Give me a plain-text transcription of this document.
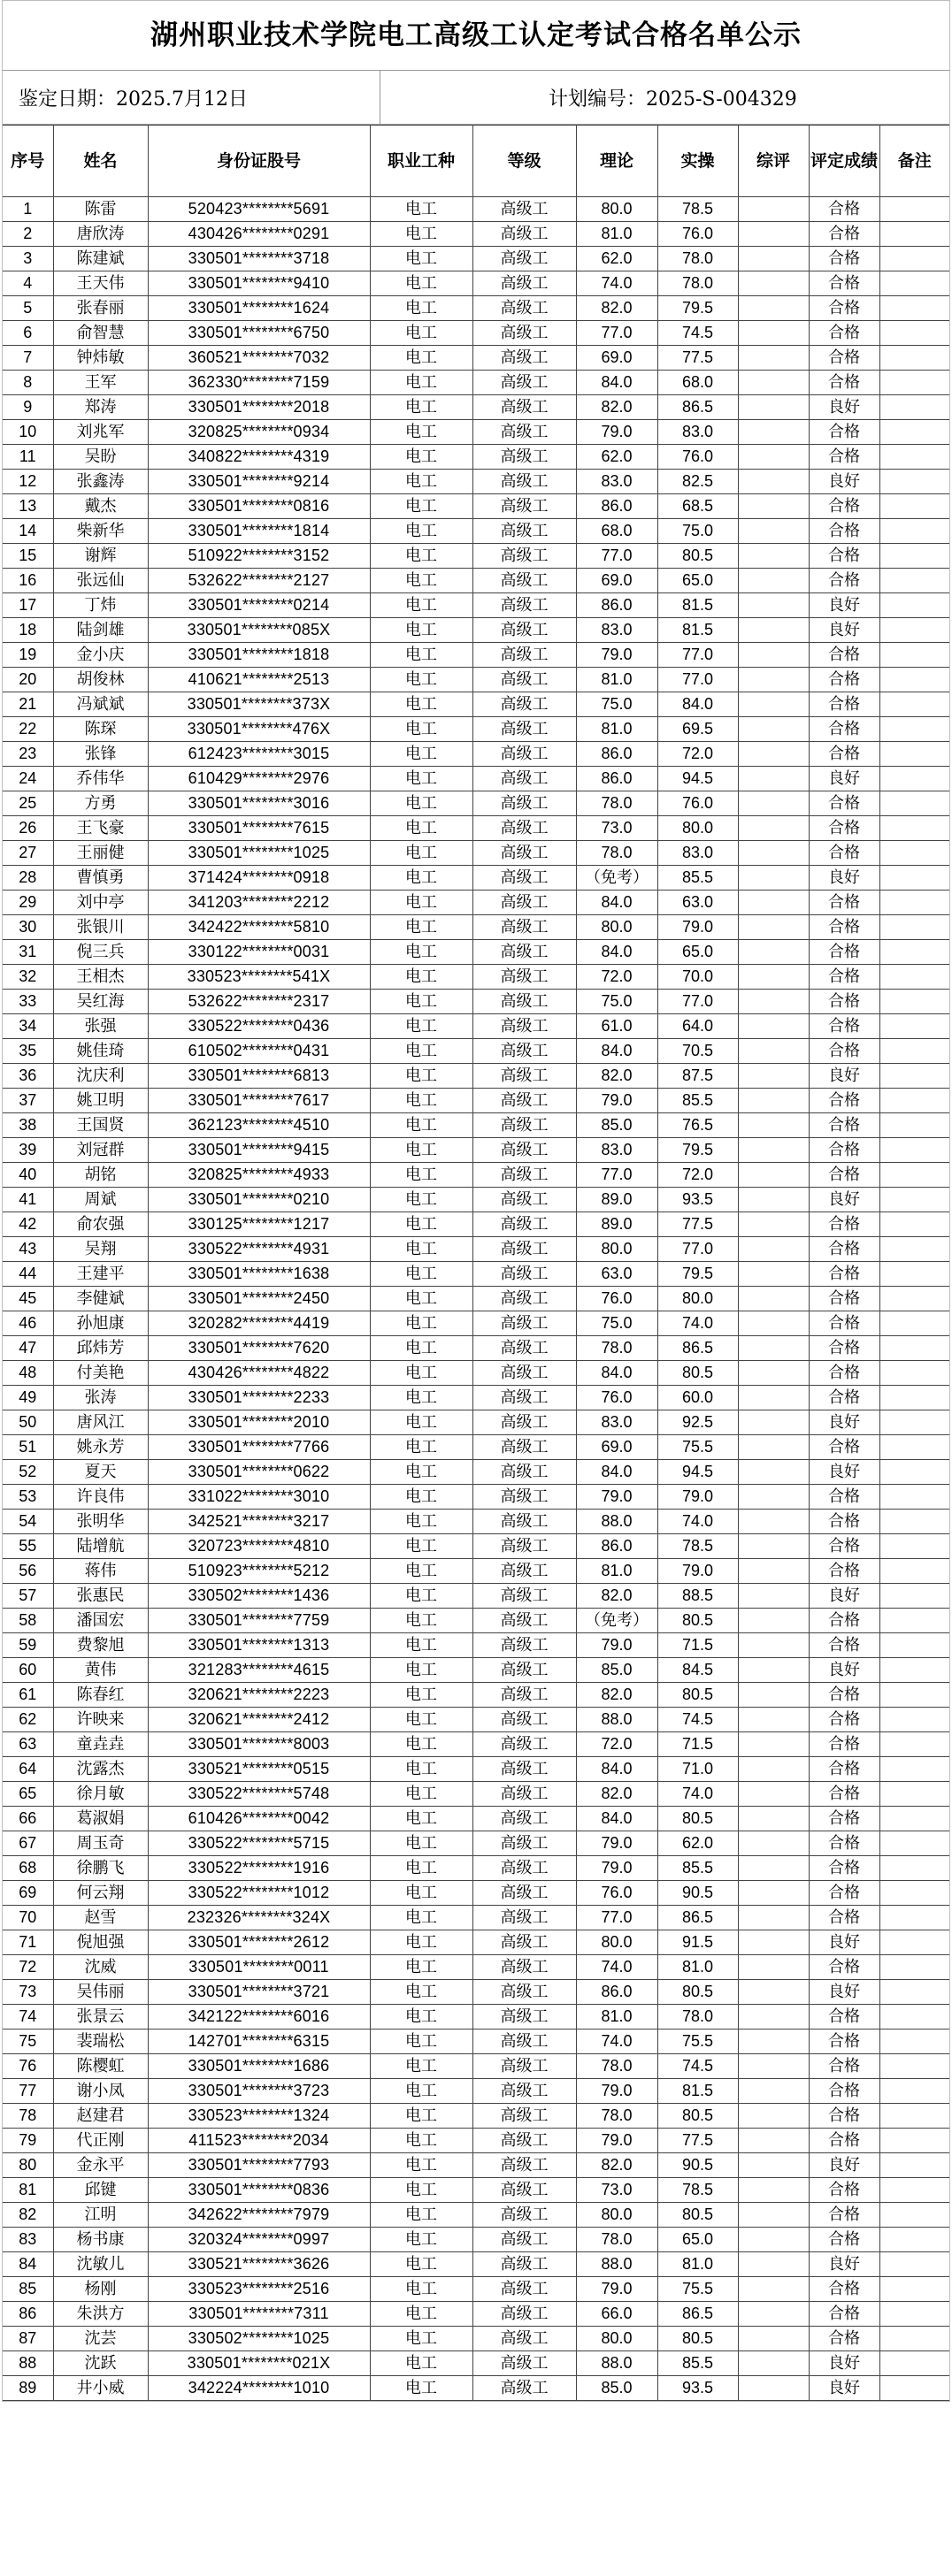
湖州职业技术学院电工高级工认定考试合格名单公示
鉴定日期：2025.7月12日	计划编号：2025-S-004329
序号	姓名	身份证股号	职业工种	等级	理论	实操	综评	评定成绩	备注
1	陈雷	520423********5691	电工	高级工	80.0	78.5		合格	
2	唐欣涛	430426********0291	电工	高级工	81.0	76.0		合格	
3	陈建斌	330501********3718	电工	高级工	62.0	78.0		合格	
4	王天伟	330501********9410	电工	高级工	74.0	78.0		合格	
5	张春丽	330501********1624	电工	高级工	82.0	79.5		合格	
6	俞智慧	330501********6750	电工	高级工	77.0	74.5		合格	
7	钟炜敏	360521********7032	电工	高级工	69.0	77.5		合格	
8	王军	362330********7159	电工	高级工	84.0	68.0		合格	
9	郑涛	330501********2018	电工	高级工	82.0	86.5		良好	
10	刘兆军	320825********0934	电工	高级工	79.0	83.0		合格	
11	吴盼	340822********4319	电工	高级工	62.0	76.0		合格	
12	张鑫涛	330501********9214	电工	高级工	83.0	82.5		良好	
13	戴杰	330501********0816	电工	高级工	86.0	68.5		合格	
14	柴新华	330501********1814	电工	高级工	68.0	75.0		合格	
15	谢辉	510922********3152	电工	高级工	77.0	80.5		合格	
16	张远仙	532622********2127	电工	高级工	69.0	65.0		合格	
17	丁炜	330501********0214	电工	高级工	86.0	81.5		良好	
18	陆剑雄	330501********085X	电工	高级工	83.0	81.5		良好	
19	金小庆	330501********1818	电工	高级工	79.0	77.0		合格	
20	胡俊林	410621********2513	电工	高级工	81.0	77.0		合格	
21	冯斌斌	330501********373X	电工	高级工	75.0	84.0		合格	
22	陈琛	330501********476X	电工	高级工	81.0	69.5		合格	
23	张锋	612423********3015	电工	高级工	86.0	72.0		合格	
24	乔伟华	610429********2976	电工	高级工	86.0	94.5		良好	
25	方勇	330501********3016	电工	高级工	78.0	76.0		合格	
26	王飞豪	330501********7615	电工	高级工	73.0	80.0		合格	
27	王丽健	330501********1025	电工	高级工	78.0	83.0		合格	
28	曹慎勇	371424********0918	电工	高级工	（免考）	85.5		良好	
29	刘中亭	341203********2212	电工	高级工	84.0	63.0		合格	
30	张银川	342422********5810	电工	高级工	80.0	79.0		合格	
31	倪三兵	330122********0031	电工	高级工	84.0	65.0		合格	
32	王相杰	330523********541X	电工	高级工	72.0	70.0		合格	
33	吴红海	532622********2317	电工	高级工	75.0	77.0		合格	
34	张强	330522********0436	电工	高级工	61.0	64.0		合格	
35	姚佳琦	610502********0431	电工	高级工	84.0	70.5		合格	
36	沈庆利	330501********6813	电工	高级工	82.0	87.5		良好	
37	姚卫明	330501********7617	电工	高级工	79.0	85.5		合格	
38	王国贤	362123********4510	电工	高级工	85.0	76.5		合格	
39	刘冠群	330501********9415	电工	高级工	83.0	79.5		合格	
40	胡铭	320825********4933	电工	高级工	77.0	72.0		合格	
41	周斌	330501********0210	电工	高级工	89.0	93.5		良好	
42	俞农强	330125********1217	电工	高级工	89.0	77.5		合格	
43	吴翔	330522********4931	电工	高级工	80.0	77.0		合格	
44	王建平	330501********1638	电工	高级工	63.0	79.5		合格	
45	李健斌	330501********2450	电工	高级工	76.0	80.0		合格	
46	孙旭康	320282********4419	电工	高级工	75.0	74.0		合格	
47	邱炜芳	330501********7620	电工	高级工	78.0	86.5		合格	
48	付美艳	430426********4822	电工	高级工	84.0	80.5		合格	
49	张涛	330501********2233	电工	高级工	76.0	60.0		合格	
50	唐风江	330501********2010	电工	高级工	83.0	92.5		良好	
51	姚永芳	330501********7766	电工	高级工	69.0	75.5		合格	
52	夏天	330501********0622	电工	高级工	84.0	94.5		良好	
53	许良伟	331022********3010	电工	高级工	79.0	79.0		合格	
54	张明华	342521********3217	电工	高级工	88.0	74.0		合格	
55	陆增航	320723********4810	电工	高级工	86.0	78.5		合格	
56	蒋伟	510923********5212	电工	高级工	81.0	79.0		合格	
57	张惠民	330502********1436	电工	高级工	82.0	88.5		良好	
58	潘国宏	330501********7759	电工	高级工	（免考）	80.5		合格	
59	费黎旭	330501********1313	电工	高级工	79.0	71.5		合格	
60	黄伟	321283********4615	电工	高级工	85.0	84.5		良好	
61	陈春红	320621********2223	电工	高级工	82.0	80.5		合格	
62	许映来	320621********2412	电工	高级工	88.0	74.5		合格	
63	童垚垚	330501********8003	电工	高级工	72.0	71.5		合格	
64	沈露杰	330521********0515	电工	高级工	84.0	71.0		合格	
65	徐月敏	330522********5748	电工	高级工	82.0	74.0		合格	
66	葛淑娟	610426********0042	电工	高级工	84.0	80.5		合格	
67	周玉奇	330522********5715	电工	高级工	79.0	62.0		合格	
68	徐鹏飞	330522********1916	电工	高级工	79.0	85.5		合格	
69	何云翔	330522********1012	电工	高级工	76.0	90.5		合格	
70	赵雪	232326********324X	电工	高级工	77.0	86.5		合格	
71	倪旭强	330501********2612	电工	高级工	80.0	91.5		良好	
72	沈威	330501********0011	电工	高级工	74.0	81.0		合格	
73	吴伟丽	330501********3721	电工	高级工	86.0	80.5		良好	
74	张景云	342122********6016	电工	高级工	81.0	78.0		合格	
75	裴瑞松	142701********6315	电工	高级工	74.0	75.5		合格	
76	陈樱虹	330501********1686	电工	高级工	78.0	74.5		合格	
77	谢小凤	330501********3723	电工	高级工	79.0	81.5		合格	
78	赵建君	330523********1324	电工	高级工	78.0	80.5		合格	
79	代正刚	411523********2034	电工	高级工	79.0	77.5		合格	
80	金永平	330501********7793	电工	高级工	82.0	90.5		良好	
81	邱键	330501********0836	电工	高级工	73.0	78.5		合格	
82	江明	342622********7979	电工	高级工	80.0	80.5		合格	
83	杨书康	320324********0997	电工	高级工	78.0	65.0		合格	
84	沈敏儿	330521********3626	电工	高级工	88.0	81.0		良好	
85	杨刚	330523********2516	电工	高级工	79.0	75.5		合格	
86	朱洪方	330501********7311	电工	高级工	66.0	86.5		合格	
87	沈芸	330502********1025	电工	高级工	80.0	80.5		合格	
88	沈跃	330501********021X	电工	高级工	88.0	85.5		良好	
89	井小威	342224********1010	电工	高级工	85.0	93.5		良好	
